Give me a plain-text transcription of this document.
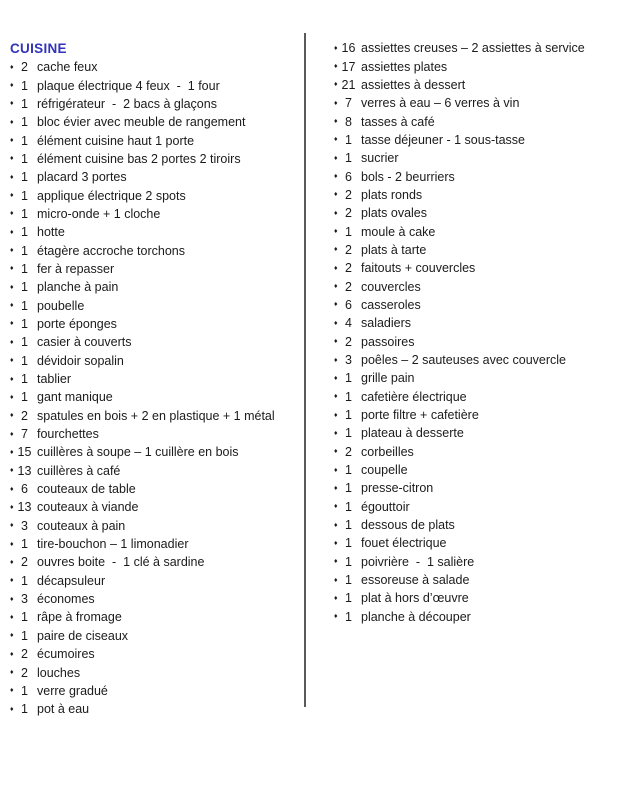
CUISINE
♦ 2 cache feux
♦ 1 plaque électrique 4 feux  -  1 four
♦ 1 réfrigérateur  -  2 bacs à glaçons
♦ 1 bloc évier avec meuble de rangement
♦ 1 élément cuisine haut 1 porte
♦ 1 élément cuisine bas 2 portes 2 tiroirs
♦ 1 placard 3 portes
♦ 1 applique électrique 2 spots
♦ 1 micro-onde + 1 cloche
♦ 1 hotte
♦ 1 étagère accroche torchons
♦ 1 fer à repasser
♦ 1 planche à pain
♦ 1 poubelle
♦ 1 porte éponges
♦ 1 casier à couverts
♦ 1 dévidoir sopalin
♦ 1 tablier
♦ 1 gant manique
♦ 2 spatules en bois + 2 en plastique + 1 métal
♦ 7 fourchettes
♦ 15 cuillères à soupe – 1 cuillère en bois
♦ 13 cuillères à café
♦ 6 couteaux de table
♦ 13 couteaux à viande
♦ 3 couteaux à pain
♦ 1 tire-bouchon – 1 limonadier
♦ 2 ouvres boite  -  1 clé à sardine
♦ 1 décapsuleur
♦ 3 économes
♦ 1 râpe à fromage
♦ 1 paire de ciseaux
♦ 2 écumoires
♦ 2 louches
♦ 1 verre gradué
♦ 1 pot à eau
♦ 16 assiettes creuses – 2 assiettes à service
♦ 17 assiettes plates
♦ 21 assiettes à dessert
♦ 7 verres à eau – 6 verres à vin
♦ 8 tasses à café
♦ 1 tasse déjeuner - 1 sous-tasse
♦ 1 sucrier
♦ 6 bols - 2 beurriers
♦ 2 plats ronds
♦ 2 plats ovales
♦ 1 moule à cake
♦ 2 plats à tarte
♦ 2 faitouts + couvercles
♦ 2 couvercles
♦ 6 casseroles
♦ 4 saladiers
♦ 2 passoires
♦ 3 poêles – 2 sauteuses avec couvercle
♦ 1 grille pain
♦ 1 cafetière électrique
♦ 1 porte filtre + cafetière
♦ 1 plateau à desserte
♦ 2 corbeilles
♦ 1 coupelle
♦ 1 presse-citron
♦ 1 égouttoir
♦ 1 dessous de plats
♦ 1 fouet électrique
♦ 1 poivrière  -  1 salière
♦ 1 essoreuse à salade
♦ 1 plat à hors d’œuvre
♦ 1 planche à découper
